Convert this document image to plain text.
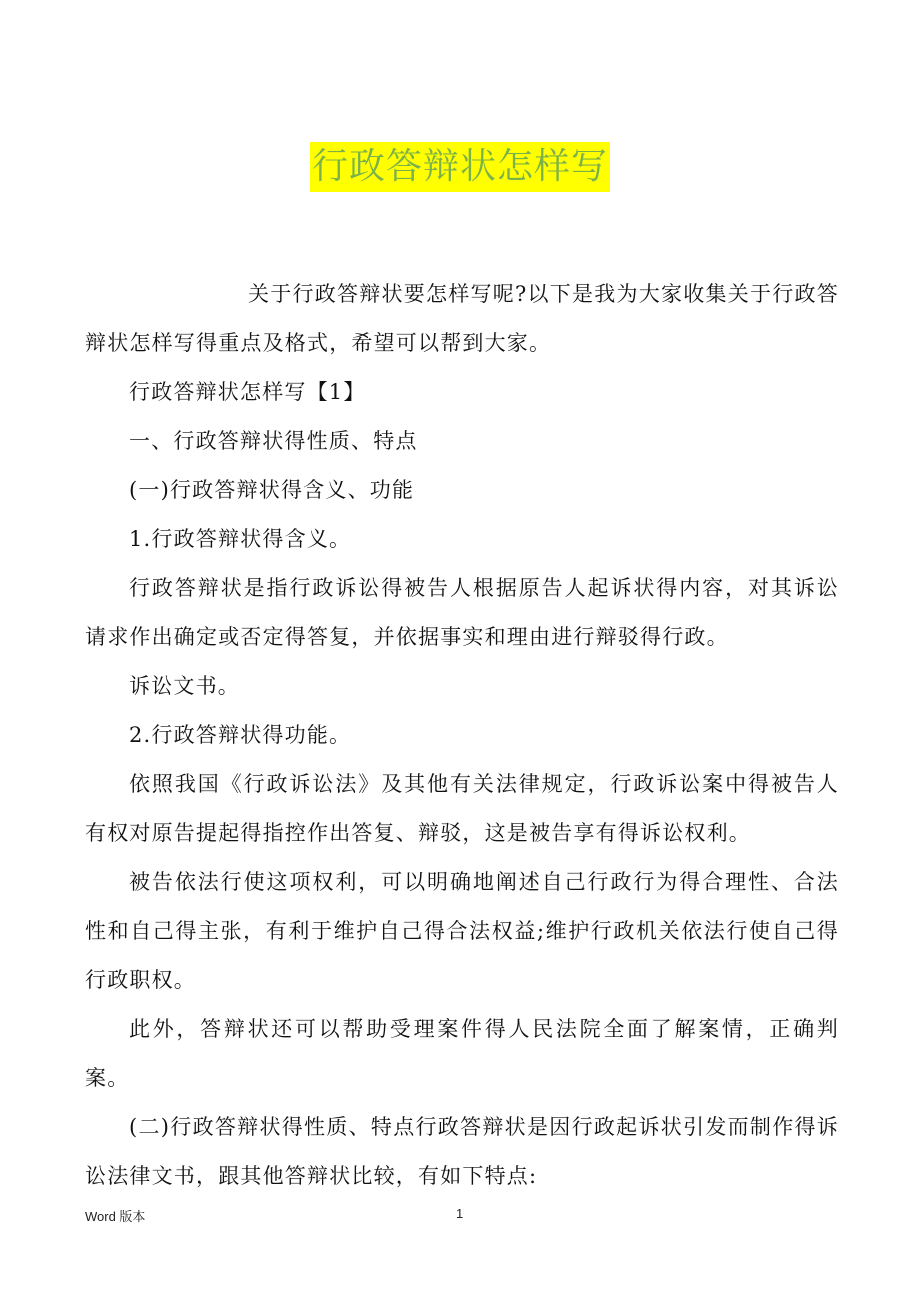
行政答辩状怎样写

关于行政答辩状要怎样写呢?以下是我为大家收集关于行政答辩状怎样写得重点及格式，希望可以帮到大家。

行政答辩状怎样写【1】

一、行政答辩状得性质、特点

(一)行政答辩状得含义、功能

1.行政答辩状得含义。

行政答辩状是指行政诉讼得被告人根据原告人起诉状得内容，对其诉讼请求作出确定或否定得答复，并依据事实和理由进行辩驳得行政。

诉讼文书。

2.行政答辩状得功能。

依照我国《行政诉讼法》及其他有关法律规定，行政诉讼案中得被告人有权对原告提起得指控作出答复、辩驳，这是被告享有得诉讼权利。

被告依法行使这项权利，可以明确地阐述自己行政行为得合理性、合法性和自己得主张，有利于维护自己得合法权益;维护行政机关依法行使自己得行政职权。

此外，答辩状还可以帮助受理案件得人民法院全面了解案情，正确判案。

(二)行政答辩状得性质、特点行政答辩状是因行政起诉状引发而制作得诉讼法律文书，跟其他答辩状比较，有如下特点:

Word 版本	1
